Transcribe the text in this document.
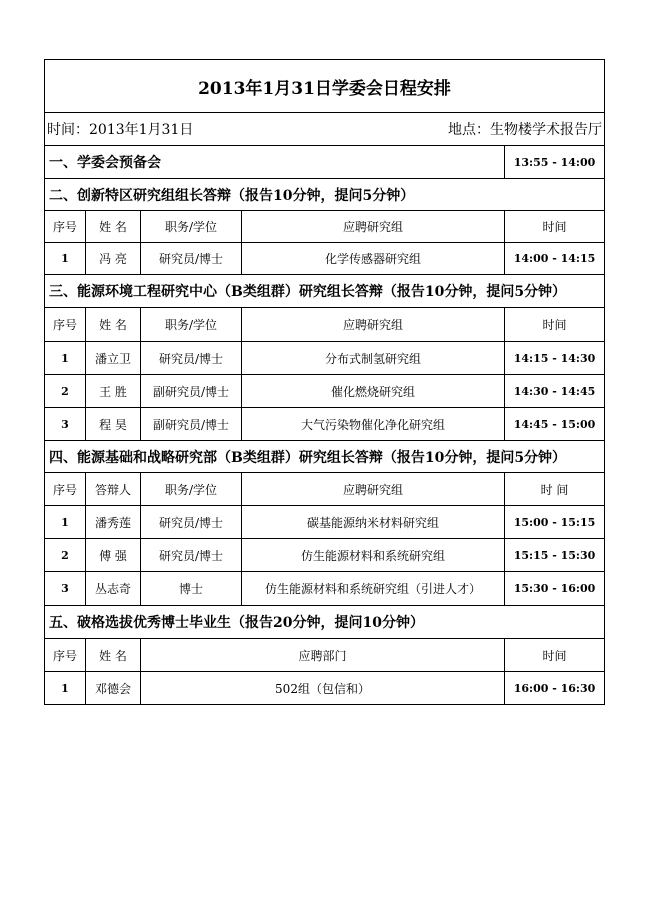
2013年1月31日学委会日程安排
时间：2013年1月31日	地点：生物楼学术报告厅
一、学委会预备会	13:55 - 14:00
二、创新特区研究组组长答辩（报告10分钟，提问5分钟）
序号	姓 名	职务/学位	应聘研究组	时间
1	冯 亮	研究员/博士	化学传感器研究组	14:00 - 14:15
三、能源环境工程研究中心（B类组群）研究组长答辩（报告10分钟，提问5分钟）
序号	姓 名	职务/学位	应聘研究组	时间
1	潘立卫	研究员/博士	分布式制氢研究组	14:15 - 14:30
2	王 胜	副研究员/博士	催化燃烧研究组	14:30 - 14:45
3	程 昊	副研究员/博士	大气污染物催化净化研究组	14:45 - 15:00
四、能源基础和战略研究部（B类组群）研究组长答辩（报告10分钟，提问5分钟）
序号	答辩人	职务/学位	应聘研究组	时 间
1	潘秀莲	研究员/博士	碳基能源纳米材料研究组	15:00 - 15:15
2	傅 强	研究员/博士	仿生能源材料和系统研究组	15:15 - 15:30
3	丛志奇	博士	仿生能源材料和系统研究组（引进人才）	15:30 - 16:00
五、破格选拔优秀博士毕业生（报告20分钟，提问10分钟）
序号	姓 名	应聘部门	时间
1	邓德会	502组（包信和）	16:00 - 16:30
